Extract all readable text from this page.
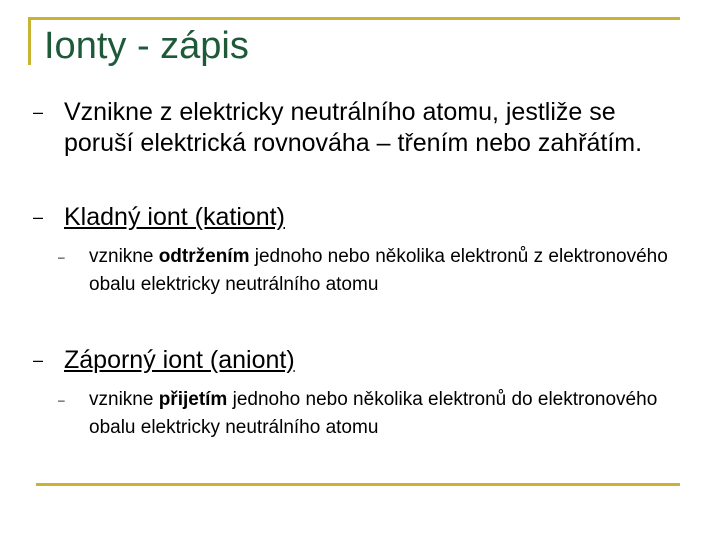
Ionty - zápis
– Vznikne z elektricky neutrálního atomu, jestliže se poruší elektrická rovnováha – třením nebo zahřátím.
– Kladný iont (kationt)
– vznikne odtržením jednoho nebo několika elektronů z elektronového obalu elektricky neutrálního atomu
– Záporný iont (aniont)
– vznikne přijetím jednoho nebo několika elektronů do elektronového obalu elektricky neutrálního atomu
